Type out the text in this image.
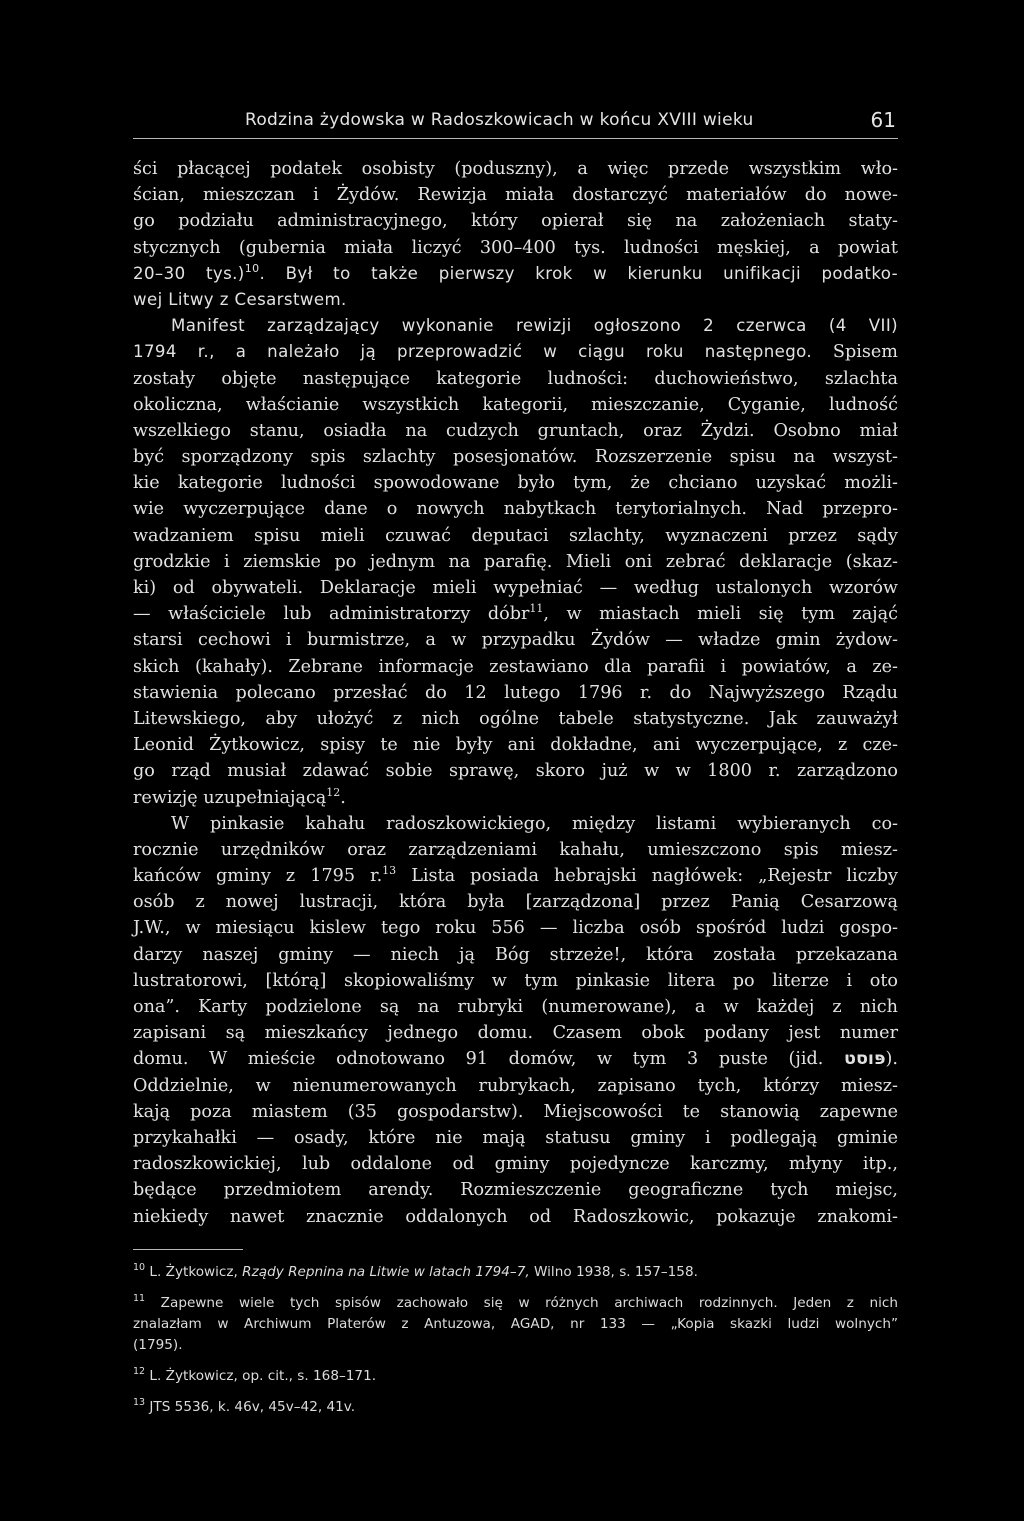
Rodzina żydowska w Radoszkowicach w końcu XVIII wieku	61
ści płacącej podatek osobisty (poduszny), a więc przede wszystkim wło-
ścian, mieszczan i Żydów. Rewizja miała dostarczyć materiałów do nowe-
go podziału administracyjnego, który opierał się na założeniach staty-
stycznych (gubernia miała liczyć 300–400 tys. ludności męskiej, a powiat
20–30 tys.)$^{10}$. Był to także pierwszy krok w kierunku unifikacji podatko-
wej Litwy z Cesarstwem.
Manifest zarządzający wykonanie rewizji ogłoszono 2 czerwca (4 VII)
1794 r., a należało ją przeprowadzić w ciągu roku następnego. Spisem
zostały objęte następujące kategorie ludności: duchowieństwo, szlachta
okoliczna, właścianie wszystkich kategorii, mieszczanie, Cyganie, ludność
wszelkiego stanu, osiadła na cudzych gruntach, oraz Żydzi. Osobno miał
być sporządzony spis szlachty posesjonatów. Rozszerzenie spisu na wszyst-
kie kategorie ludności spowodowane było tym, że chciano uzyskać możli-
wie wyczerpujące dane o nowych nabytkach terytorialnych. Nad przepro-
wadzaniem spisu mieli czuwać deputaci szlachty, wyznaczeni przez sądy
grodzkie i ziemskie po jednym na parafię. Mieli oni zebrać deklaracje (skaz-
ki) od obywateli. Deklaracje mieli wypełniać — według ustalonych wzorów
— właściciele lub administratorzy dóbr$^{11}$, w miastach mieli się tym zająć
starsi cechowi i burmistrze, a w przypadku Żydów — władze gmin żydow-
skich (kahały). Zebrane informacje zestawiano dla parafii i powiatów, a ze-
stawienia polecano przesłać do 12 lutego 1796 r. do Najwyższego Rządu
Litewskiego, aby ułożyć z nich ogólne tabele statystyczne. Jak zauważył
Leonid Żytkowicz, spisy te nie były ani dokładne, ani wyczerpujące, z cze-
go rząd musiał zdawać sobie sprawę, skoro już w w 1800 r. zarządzono
rewizję uzupełniającą$^{12}$.
W pinkasie kahału radoszkowickiego, między listami wybieranych co-
rocznie urzędników oraz zarządzeniami kahału, umieszczono spis miesz-
kańców gminy z 1795 r.$^{13}$ Lista posiada hebrajski nagłówek: „Rejestr liczby
osób z nowej lustracji, która była [zarządzona] przez Panią Cesarzową
J.W., w miesiącu kislew tego roku 556 — liczba osób spośród ludzi gospo-
darzy naszej gminy — niech ją Bóg strzeże!, która została przekazana
lustratorowi, [którą] skopiowaliśmy w tym pinkasie litera po literze i oto
ona”. Karty podzielone są na rubryki (numerowane), a w każdej z nich
zapisani są mieszkańcy jednego domu. Czasem obok podany jest numer
domu. W mieście odnotowano 91 domów, w tym 3 puste (jid. פּוסט).
Oddzielnie, w nienumerowanych rubrykach, zapisano tych, którzy miesz-
kają poza miastem (35 gospodarstw). Miejscowości te stanowią zapewne
przykahałki — osady, które nie mają statusu gminy i podlegają gminie
radoszkowickiej, lub oddalone od gminy pojedyncze karczmy, młyny itp.,
będące przedmiotem arendy. Rozmieszczenie geograficzne tych miejsc,
niekiedy nawet znacznie oddalonych od Radoszkowic, pokazuje znakomi-
$^{10}$ L. Żytkowicz, Rządy Repnina na Litwie w latach 1794–7, Wilno 1938, s. 157–158.
$^{11}$ Zapewne wiele tych spisów zachowało się w różnych archiwach rodzinnych. Jeden z nich
znalazłam w Archiwum Platerów z Antuzowa, AGAD, nr 133 — „Kopia skazki ludzi wolnych”
(1795).
$^{12}$ L. Żytkowicz, op. cit., s. 168–171.
$^{13}$ JTS 5536, k. 46v, 45v–42, 41v.
